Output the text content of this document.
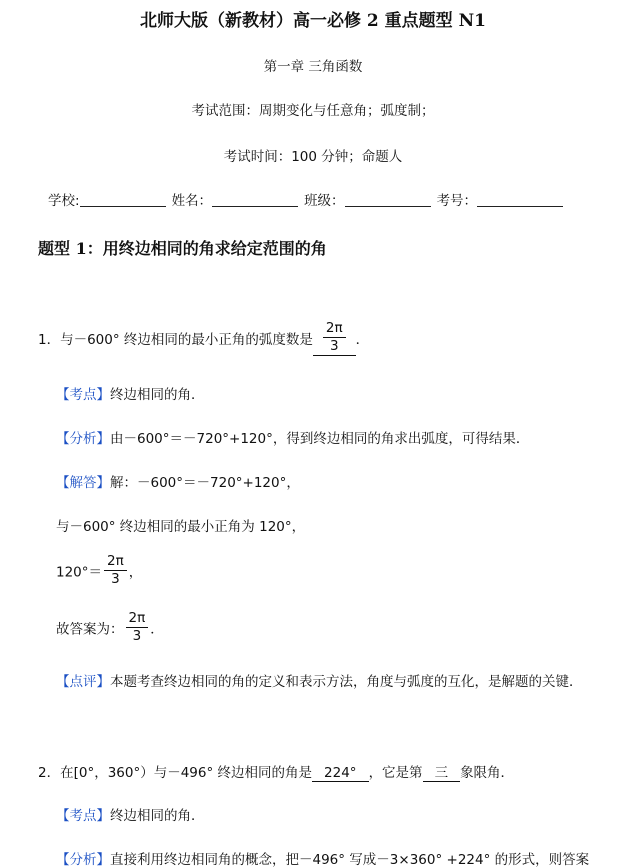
北师大版（新教材）高一必修 2 重点题型 N1
第一章 三角函数
考试范围：周期变化与任意角；弧度制；
考试时间：100 分钟；命题人
学校:	姓名：	班级：	考号：
题型 1：用终边相同的角求给定范围的角
1．与－600° 终边相同的最小正角的弧度数是 $\frac{2\pi}{3}$ ．
【考点】终边相同的角．
【分析】由－600°＝－720°+120°，得到终边相同的角求出弧度，可得结果．
【解答】解：－600°＝－720°+120°，
与－600° 终边相同的最小正角为 120°，
$120^\circ= \frac{2\pi}{3}$ ，
故答案为： $\frac{2\pi}{3}$ ．
【点评】本题考查终边相同的角的定义和表示方法，角度与弧度的互化，是解题的关键．
2．在[0°，360°）与－496° 终边相同的角是 224° ，它是第 三 象限角．
【考点】终边相同的角．
【分析】直接利用终边相同角的概念，把－496° 写成－3×360° +224° 的形式，则答案
